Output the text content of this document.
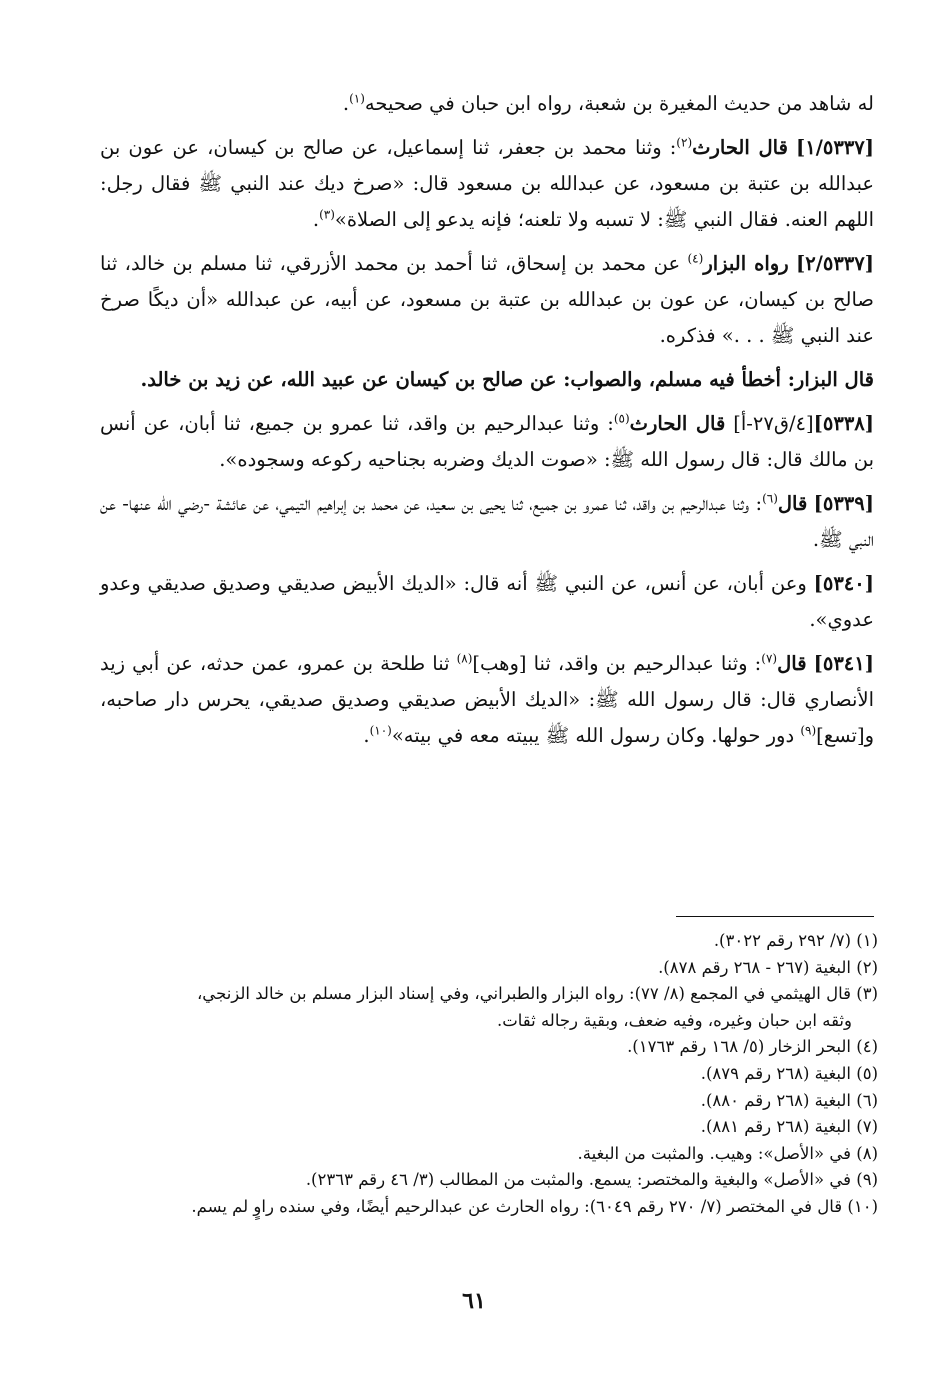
له شاهد من حديث المغيرة بن شعبة، رواه ابن حبان في صحيحه$^{(١)}$.

[١/٥٣٣٧] قال الحارث$^{(٢)}$: وثنا محمد بن جعفر، ثنا إسماعيل، عن صالح بن كيسان، عن عون بن عبدالله بن عتبة بن مسعود، عن عبدالله بن مسعود قال: «صرخ ديك عند النبي ﷺ فقال رجل: اللهم العنه. فقال النبي ﷺ: لا تسبه ولا تلعنه؛ فإنه يدعو إلى الصلاة»$^{(٣)}$.

[٢/٥٣٣٧] رواه البزار$^{(٤)}$ عن محمد بن إسحاق، ثنا أحمد بن محمد الأزرقي، ثنا مسلم بن خالد، ثنا صالح بن كيسان، عن عون بن عبدالله بن عتبة بن مسعود، عن أبيه، عن عبدالله «أن ديكًا صرخ عند النبي ﷺ . . .» فذكره.

قال البزار: أخطأ فيه مسلم، والصواب: عن صالح بن كيسان عن عبيد الله، عن زيد بن خالد.

[٥٣٣٨][٤/ق٢٧-أ] قال الحارث$^{(٥)}$: وثنا عبدالرحيم بن واقد، ثنا عمرو بن جميع، ثنا أبان، عن أنس بن مالك قال: قال رسول الله ﷺ: «صوت الديك وضربه بجناحيه ركوعه وسجوده».

[٥٣٣٩] قال$^{(٦)}$: وثنا عبدالرحيم بن واقد، ثنا عمرو بن جميع، ثنا يحيى بن سعيد، عن محمد بن إبراهيم التيمي، عن عائشة -رضي الله عنها- عن النبي ﷺ.

[٥٣٤٠] وعن أبان، عن أنس، عن النبي ﷺ أنه قال: «الديك الأبيض صديقي وصديق صديقي وعدو عدوي».

[٥٣٤١] قال$^{(٧)}$: وثنا عبدالرحيم بن واقد، ثنا [وهب]$^{(٨)}$ ثنا طلحة بن عمرو، عمن حدثه، عن أبي زيد الأنصاري قال: قال رسول الله ﷺ: «الديك الأبيض صديقي وصديق صديقي، يحرس دار صاحبه، و[تسع]$^{(٩)}$ دور حولها. وكان رسول الله ﷺ يبيته معه في بيته»$^{(١٠)}$.

(١) (٧/ ٢٩٢ رقم ٣٠٢٢).

(٢) البغية (٢٦٧ - ٢٦٨ رقم ٨٧٨).

(٣) قال الهيثمي في المجمع (٨/ ٧٧): رواه البزار والطبراني، وفي إسناد البزار مسلم بن خالد الزنجي،

وثقه ابن حبان وغيره، وفيه ضعف، وبقية رجاله ثقات.

(٤) البحر الزخار (٥/ ١٦٨ رقم ١٧٦٣).

(٥) البغية (٢٦٨ رقم ٨٧٩).

(٦) البغية (٢٦٨ رقم ٨٨٠).

(٧) البغية (٢٦٨ رقم ٨٨١).

(٨) في «الأصل»: وهيب. والمثبت من البغية.

(٩) في «الأصل» والبغية والمختصر: يسمع. والمثبت من المطالب (٣/ ٤٦ رقم ٢٣٦٣).

(١٠) قال في المختصر (٧/ ٢٧٠ رقم ٦٠٤٩): رواه الحارث عن عبدالرحيم أيضًا، وفي سنده راوٍ لم يسم.

٦١
